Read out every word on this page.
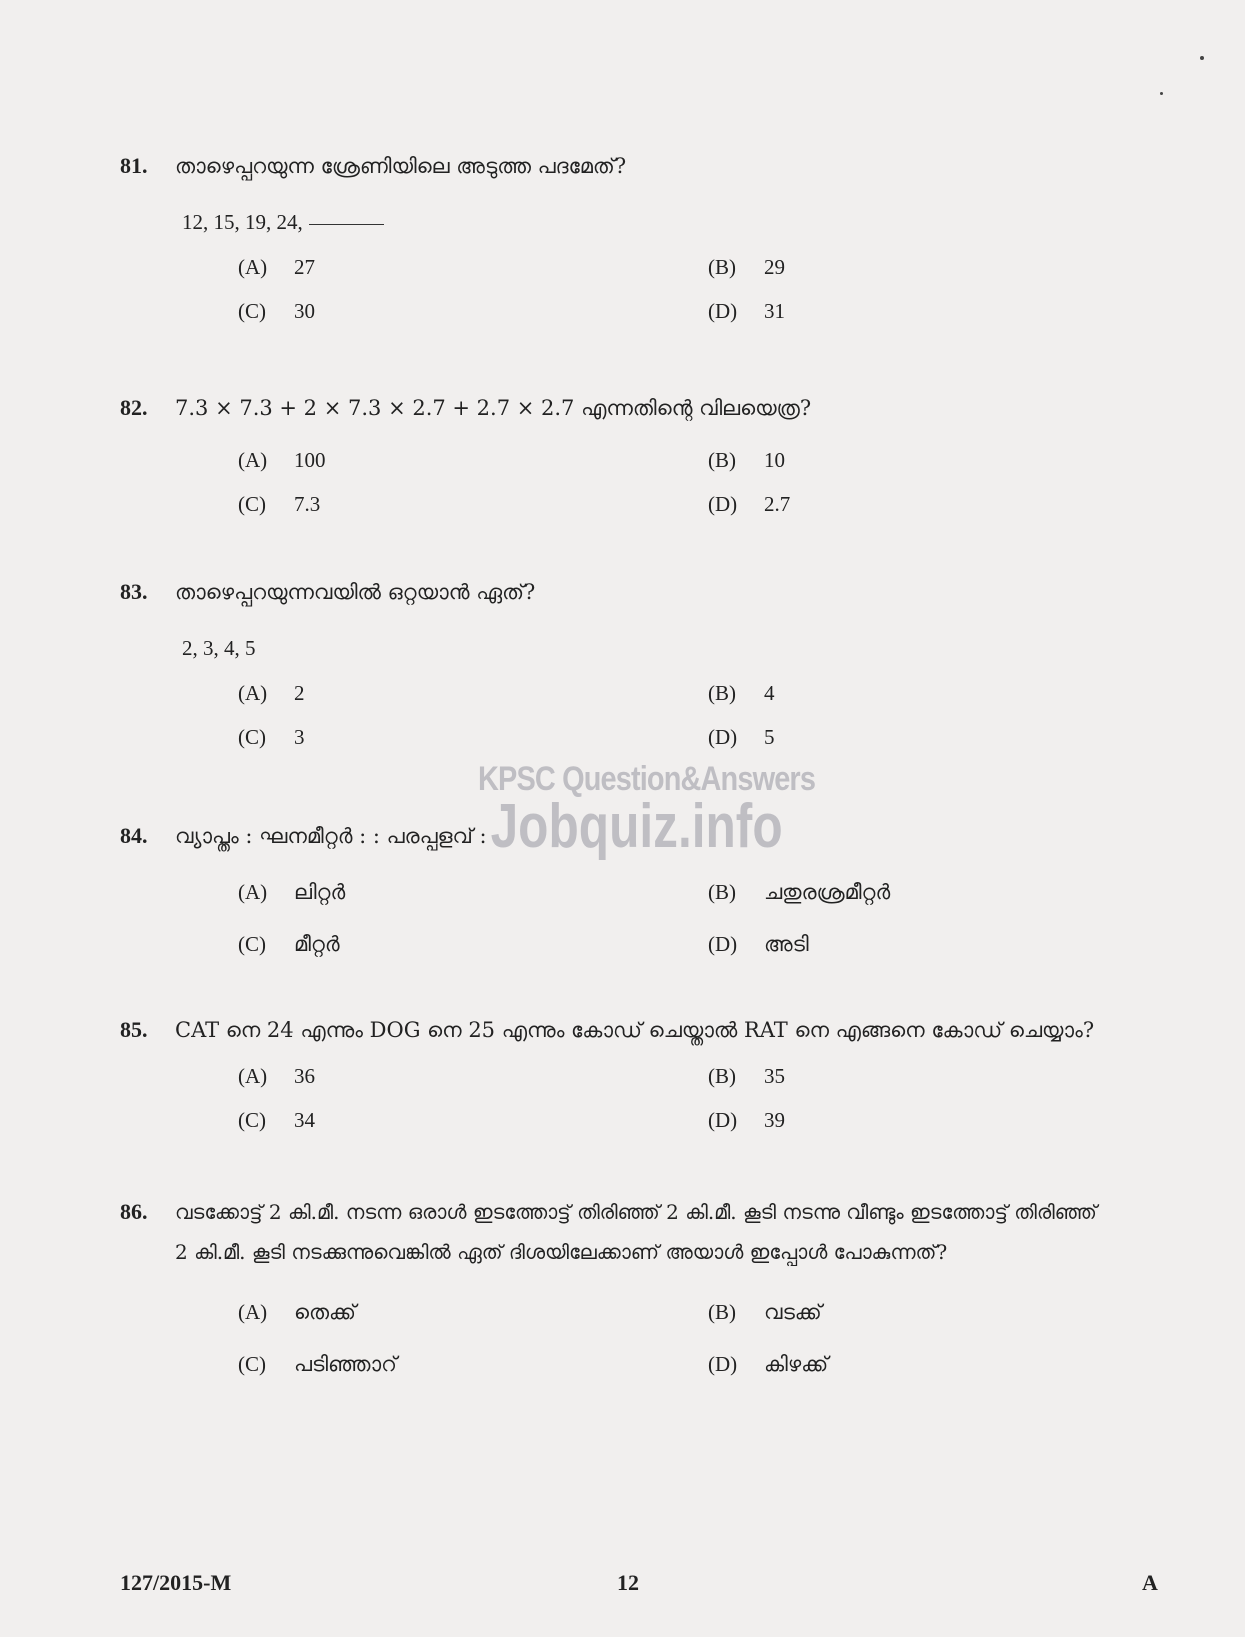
81.	താഴെപ്പറയുന്ന ശ്രേണിയിലെ അടുത്ത പദമേത്?
12, 15, 19, 24,
(A)	27	(B)	29
(C)	30	(D)	31
82.	7.3 × 7.3 + 2 × 7.3 × 2.7 + 2.7 × 2.7 എന്നതിന്റെ വിലയെത്ര?
(A)	100	(B)	10
(C)	7.3	(D)	2.7
83.	താഴെപ്പറയുന്നവയിൽ ഒറ്റയാൻ ഏത്?
2, 3, 4, 5
(A)	2	(B)	4
(C)	3	(D)	5
84.	വ്യാപ്തം : ഘനമീറ്റർ : : പരപ്പളവ് :
(A)	ലിറ്റർ	(B)	ചതുരശ്രമീറ്റർ
(C)	മീറ്റർ	(D)	അടി
85.	CAT നെ 24 എന്നും DOG നെ 25 എന്നും കോഡ് ചെയ്താൽ RAT നെ എങ്ങനെ കോഡ് ചെയ്യാം?
(A)	36	(B)	35
(C)	34	(D)	39
86.	വടക്കോട്ട് 2 കി.മീ. നടന്ന ഒരാൾ ഇടത്തോട്ട് തിരിഞ്ഞ് 2 കി.മീ. കൂടി നടന്നു വീണ്ടും ഇടത്തോട്ട് തിരിഞ്ഞ്
2 കി.മീ. കൂടി നടക്കുന്നുവെങ്കിൽ ഏത് ദിശയിലേക്കാണ് അയാൾ ഇപ്പോൾ പോകുന്നത്?
(A)	തെക്ക്	(B)	വടക്ക്
(C)	പടിഞ്ഞാറ്	(D)	കിഴക്ക്
KPSC Question&Answers
Jobquiz.info
127/2015-M	12	A
